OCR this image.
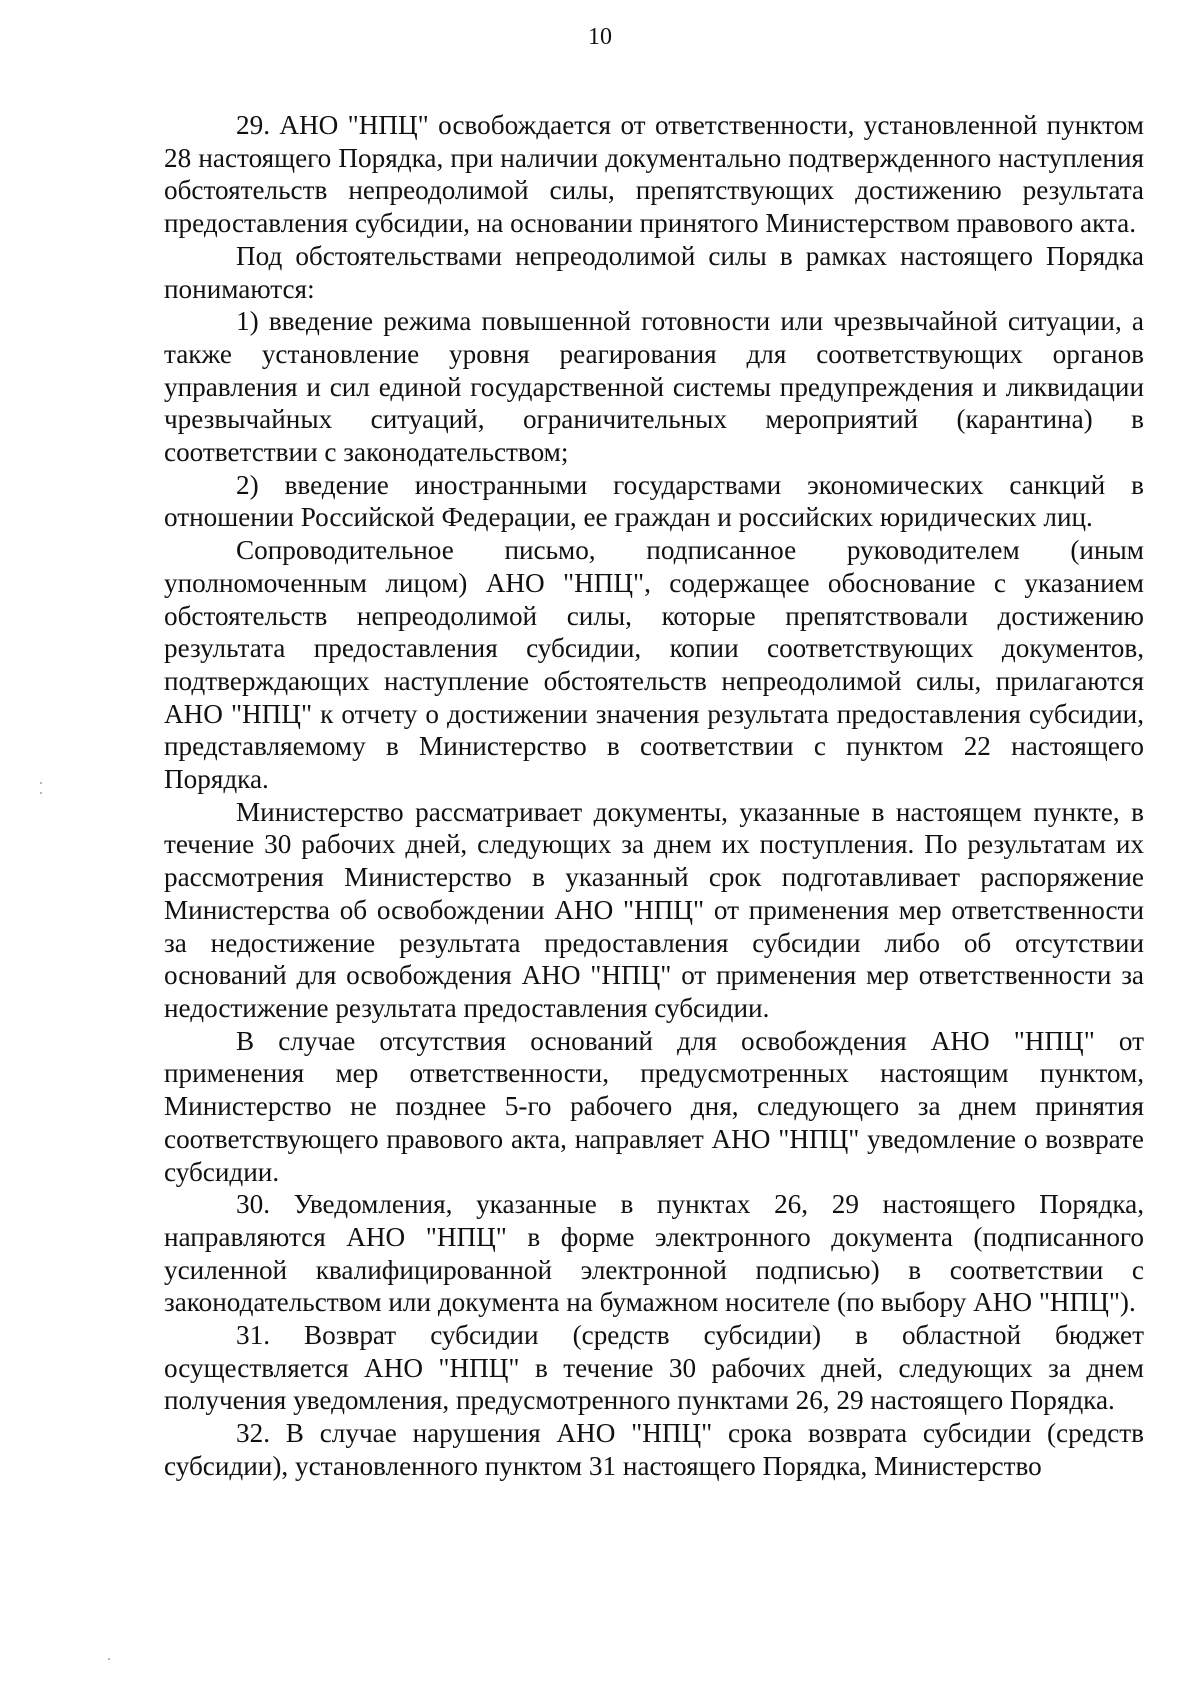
10

29. АНО "НПЦ" освобождается от ответственности, установленной пунктом 28 настоящего Порядка, при наличии документально подтвержденного наступления обстоятельств непреодолимой силы, препятствующих достижению результата предоставления субсидии, на основании принятого Министерством правового акта.

Под обстоятельствами непреодолимой силы в рамках настоящего Порядка понимаются:

1) введение режима повышенной готовности или чрезвычайной ситуации, а также установление уровня реагирования для соответствующих органов управления и сил единой государственной системы предупреждения и ликвидации чрезвычайных ситуаций, ограничительных мероприятий (карантина) в соответствии с законодательством;

2) введение иностранными государствами экономических санкций в отношении Российской Федерации, ее граждан и российских юридических лиц.

Сопроводительное письмо, подписанное руководителем (иным уполномоченным лицом) АНО "НПЦ", содержащее обоснование с указанием обстоятельств непреодолимой силы, которые препятствовали достижению результата предоставления субсидии, копии соответствующих документов, подтверждающих наступление обстоятельств непреодолимой силы, прилагаются АНО "НПЦ" к отчету о достижении значения результата предоставления субсидии, представляемому в Министерство в соответствии с пунктом 22 настоящего Порядка.

Министерство рассматривает документы, указанные в настоящем пункте, в течение 30 рабочих дней, следующих за днем их поступления. По результатам их рассмотрения Министерство в указанный срок подготавливает распоряжение Министерства об освобождении АНО "НПЦ" от применения мер ответственности за недостижение результата предоставления субсидии либо об отсутствии оснований для освобождения АНО "НПЦ" от применения мер ответственности за недостижение результата предоставления субсидии.

В случае отсутствия оснований для освобождения АНО "НПЦ" от применения мер ответственности, предусмотренных настоящим пунктом, Министерство не позднее 5-го рабочего дня, следующего за днем принятия соответствующего правового акта, направляет АНО "НПЦ" уведомление о возврате субсидии.

30. Уведомления, указанные в пунктах 26, 29 настоящего Порядка, направляются АНО "НПЦ" в форме электронного документа (подписанного усиленной квалифицированной электронной подписью) в соответствии с законодательством или документа на бумажном носителе (по выбору АНО "НПЦ").

31. Возврат субсидии (средств субсидии) в областной бюджет осуществляется АНО "НПЦ" в течение 30 рабочих дней, следующих за днем получения уведомления, предусмотренного пунктами 26, 29 настоящего Порядка.

32. В случае нарушения АНО "НПЦ" срока возврата субсидии (средств субсидии), установленного пунктом 31 настоящего Порядка, Министерство
